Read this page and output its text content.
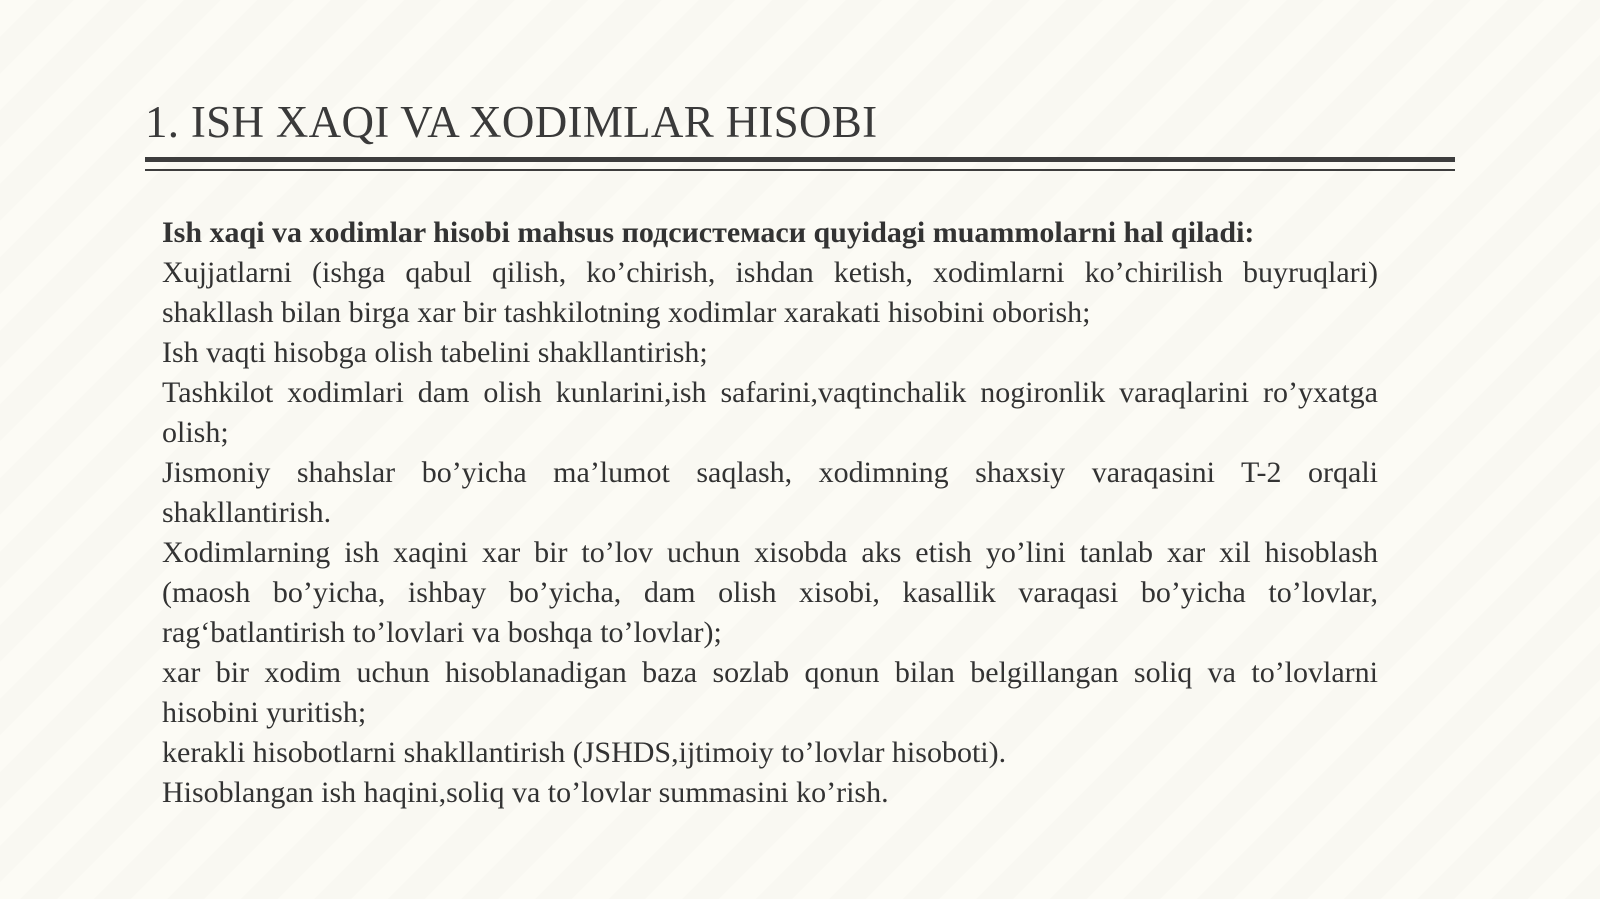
1. ISH XAQI VA XODIMLAR HISOBI

Ish xaqi va xodimlar hisobi mahsus подсистемаси quyidagi muammolarni hal qiladi:

Xujjatlarni (ishga qabul qilish, ko’chirish, ishdan ketish, xodimlarni ko’chirilish buyruqlari) shakllash bilan birga xar bir tashkilotning xodimlar xarakati hisobini oborish;

Ish vaqti hisobga olish tabelini shakllantirish;

Tashkilot xodimlari dam olish kunlarini,ish safarini,vaqtinchalik nogironlik varaqlarini ro’yxatga olish;

Jismoniy shahslar bo’yicha ma’lumot saqlash, xodimning shaxsiy varaqasini T-2 orqali shakllantirish.

Xodimlarning ish xaqini xar bir to’lov uchun xisobda aks etish yo’lini tanlab xar xil hisoblash (maosh bo’yicha, ishbay bo’yicha, dam olish xisobi, kasallik varaqasi bo’yicha to’lovlar, rag‘batlantirish to’lovlari va boshqa to’lovlar);

xar bir xodim uchun hisoblanadigan baza sozlab qonun bilan belgillangan soliq va to’lovlarni hisobini yuritish;

kerakli hisobotlarni shakllantirish (JSHDS,ijtimoiy to’lovlar hisoboti).

Hisoblangan ish haqini,soliq va to’lovlar summasini ko’rish.
